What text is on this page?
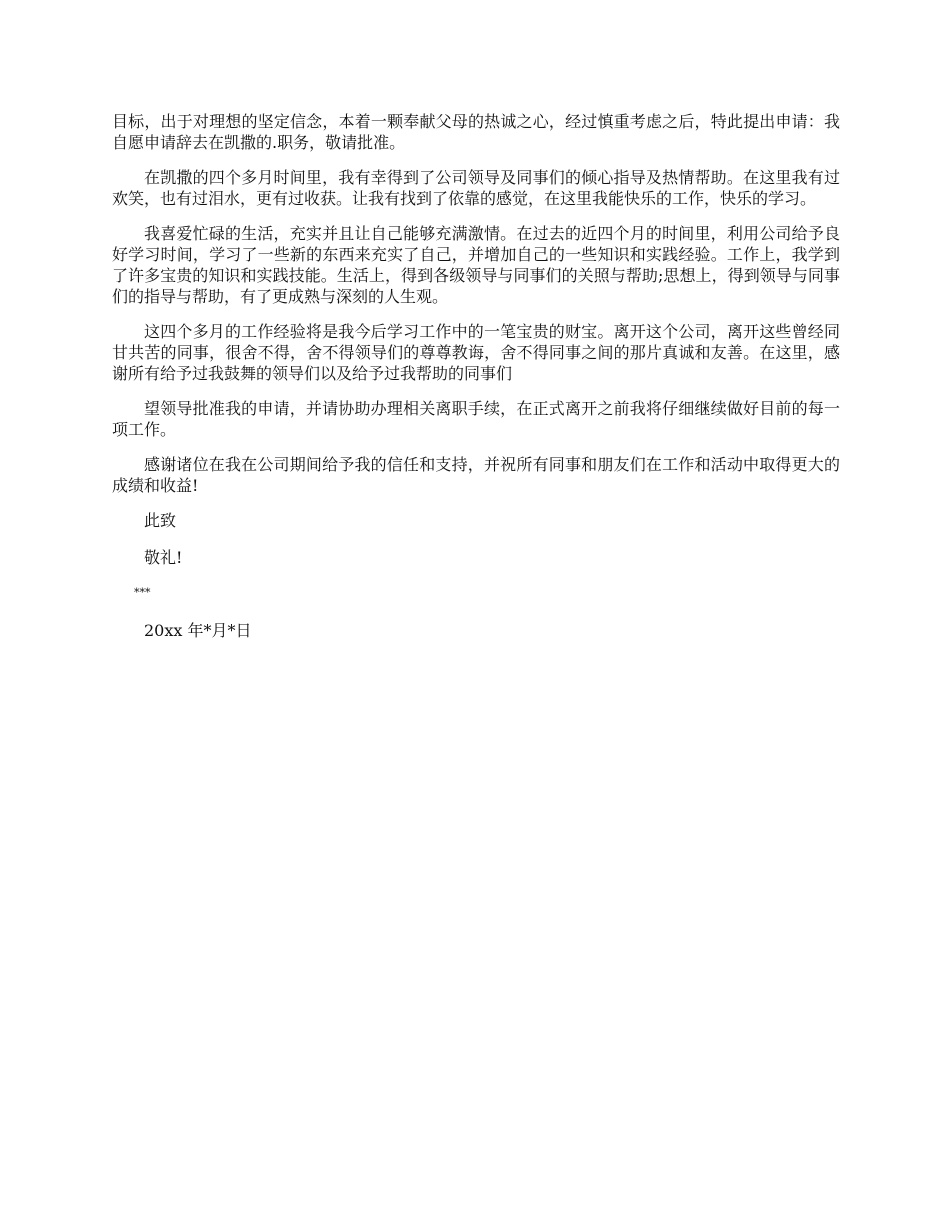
目标，出于对理想的坚定信念，本着一颗奉献父母的热诚之心，经过慎重考虑之后，特此提出申请：我自愿申请辞去在凯撒的.职务，敬请批准。

在凯撒的四个多月时间里，我有幸得到了公司领导及同事们的倾心指导及热情帮助。在这里我有过欢笑，也有过泪水，更有过收获。让我有找到了依靠的感觉，在这里我能快乐的工作，快乐的学习。

我喜爱忙碌的生活，充实并且让自己能够充满激情。在过去的近四个月的时间里，利用公司给予良好学习时间，学习了一些新的东西来充实了自己，并增加自己的一些知识和实践经验。工作上，我学到了许多宝贵的知识和实践技能。生活上，得到各级领导与同事们的关照与帮助;思想上，得到领导与同事们的指导与帮助，有了更成熟与深刻的人生观。

这四个多月的工作经验将是我今后学习工作中的一笔宝贵的财宝。离开这个公司，离开这些曾经同甘共苦的同事，很舍不得，舍不得领导们的尊尊教诲，舍不得同事之间的那片真诚和友善。在这里，感谢所有给予过我鼓舞的领导们以及给予过我帮助的同事们

望领导批准我的申请，并请协助办理相关离职手续，在正式离开之前我将仔细继续做好目前的每一项工作。

感谢诸位在我在公司期间给予我的信任和支持，并祝所有同事和朋友们在工作和活动中取得更大的成绩和收益!

此致
敬礼!
***
20xx 年*月*日
